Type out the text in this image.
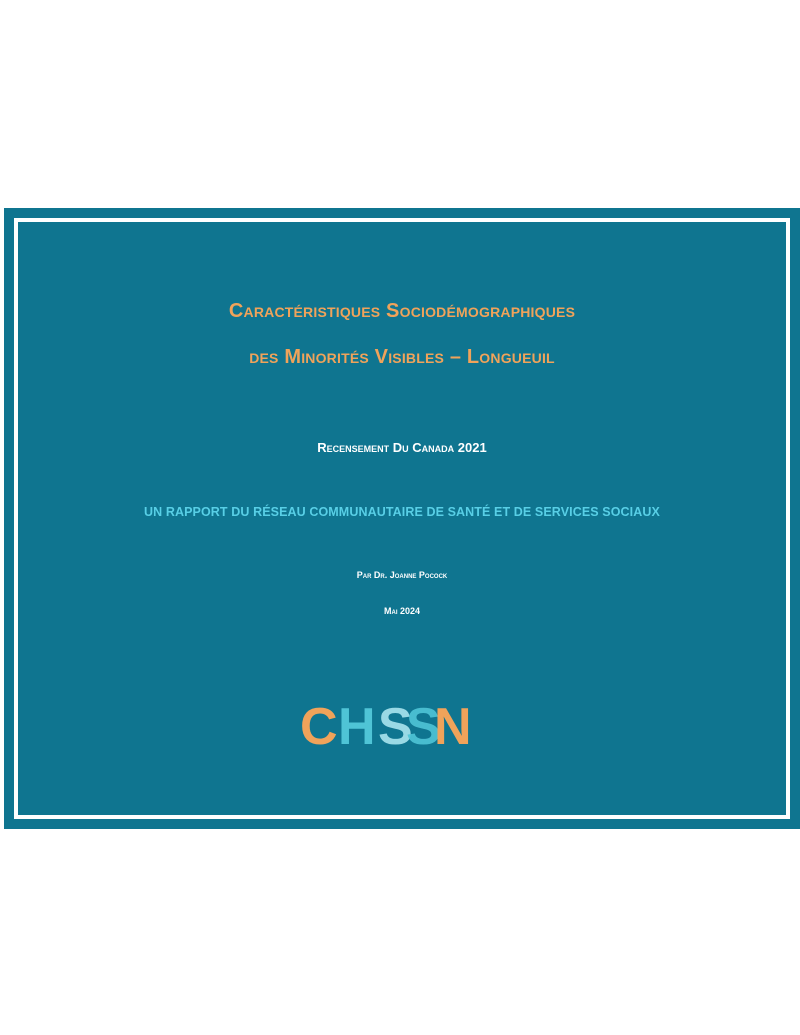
Caractéristiques Sociodémographiques
des Minorités Visibles – Longueuil
Recensement Du Canada 2021
UN RAPPORT DU RÉSEAU COMMUNAUTAIRE DE SANTÉ ET DE SERVICES SOCIAUX
Par Dr. Joanne Pocock
Mai 2024
C H S
S
N
